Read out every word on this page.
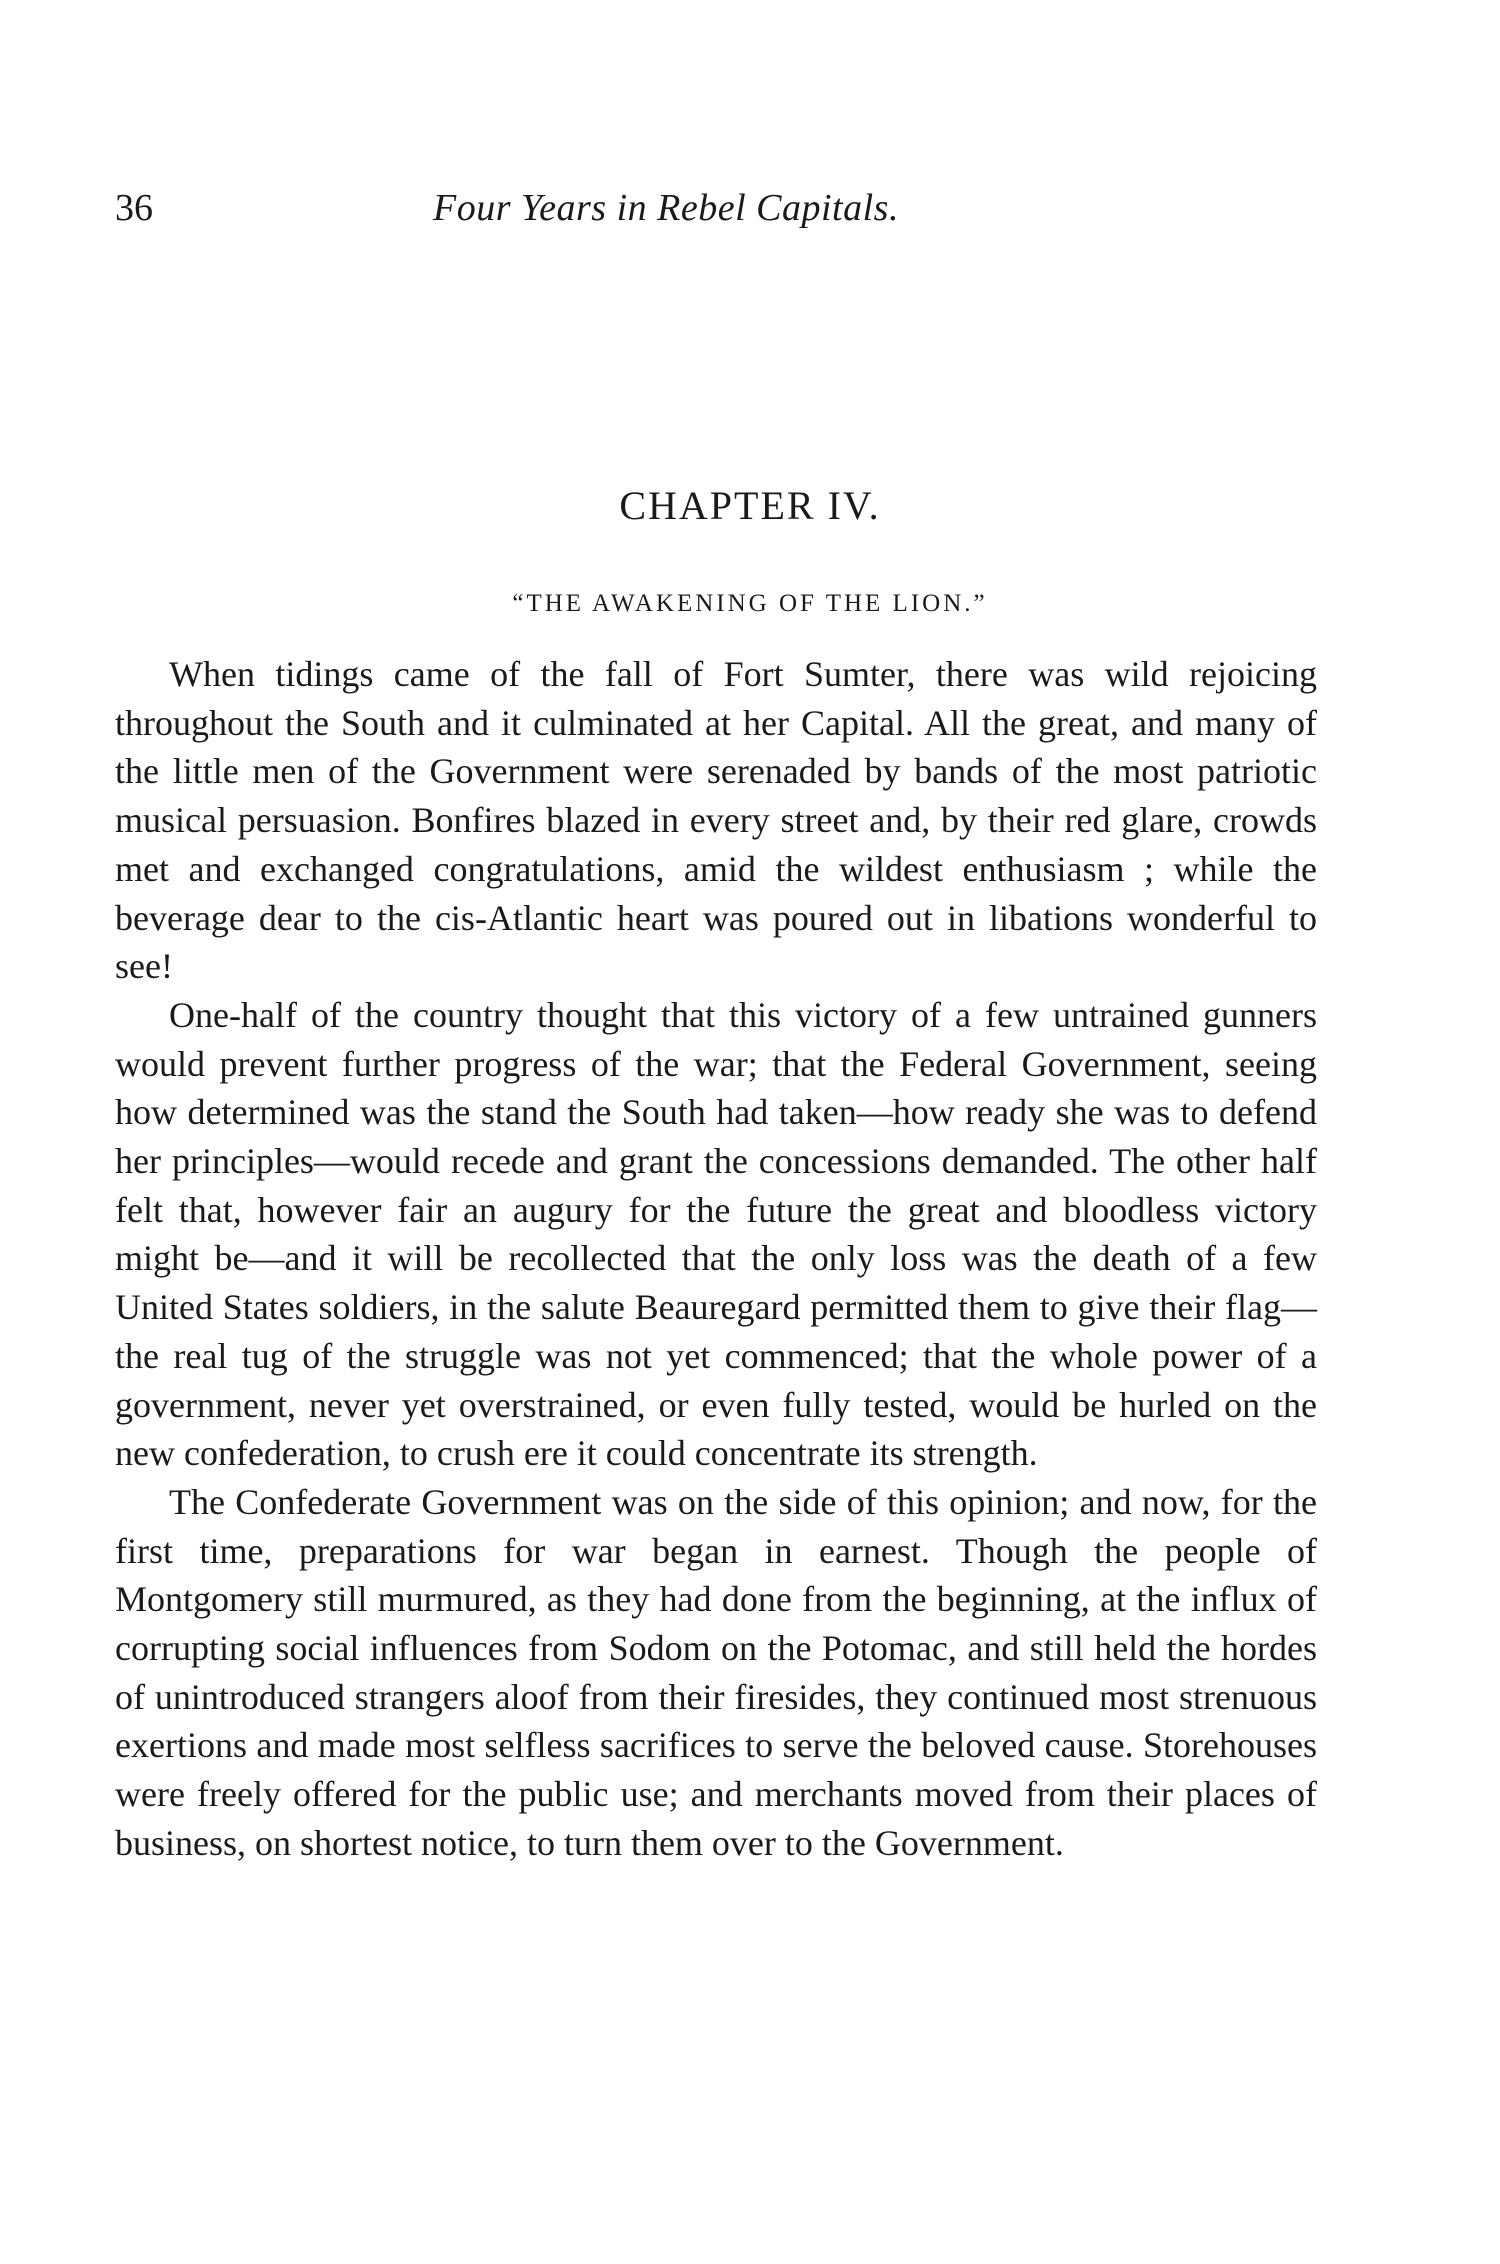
36	Four Years in Rebel Capitals.
CHAPTER IV.
“THE AWAKENING OF THE LION.”

When tidings came of the fall of Fort Sumter, there was wild rejoicing throughout the South and it culminated at her Capital. All the great, and many of the little men of the Government were serenaded by bands of the most patriotic musical persuasion. Bonfires blazed in every street and, by their red glare, crowds met and exchanged congratulations, amid the wildest enthusiasm ; while the beverage dear to the cis-Atlantic heart was poured out in libations wonderful to see!

One-half of the country thought that this victory of a few untrained gunners would prevent further progress of the war; that the Federal Government, seeing how determined was the stand the South had taken—how ready she was to defend her principles—would recede and grant the concessions demanded. The other half felt that, however fair an augury for the future the great and bloodless victory might be—and it will be recollected that the only loss was the death of a few United States soldiers, in the salute Beauregard permitted them to give their flag—the real tug of the struggle was not yet commenced; that the whole power of a government, never yet overstrained, or even fully tested, would be hurled on the new confederation, to crush ere it could concentrate its strength.

The Confederate Government was on the side of this opinion; and now, for the first time, preparations for war began in earnest. Though the people of Montgomery still murmured, as they had done from the beginning, at the influx of corrupting social influences from Sodom on the Potomac, and still held the hordes of unintroduced strangers aloof from their firesides, they continued most strenuous exertions and made most selfless sacrifices to serve the beloved cause. Storehouses were freely offered for the public use; and merchants moved from their places of business, on shortest notice, to turn them over to the Government.
